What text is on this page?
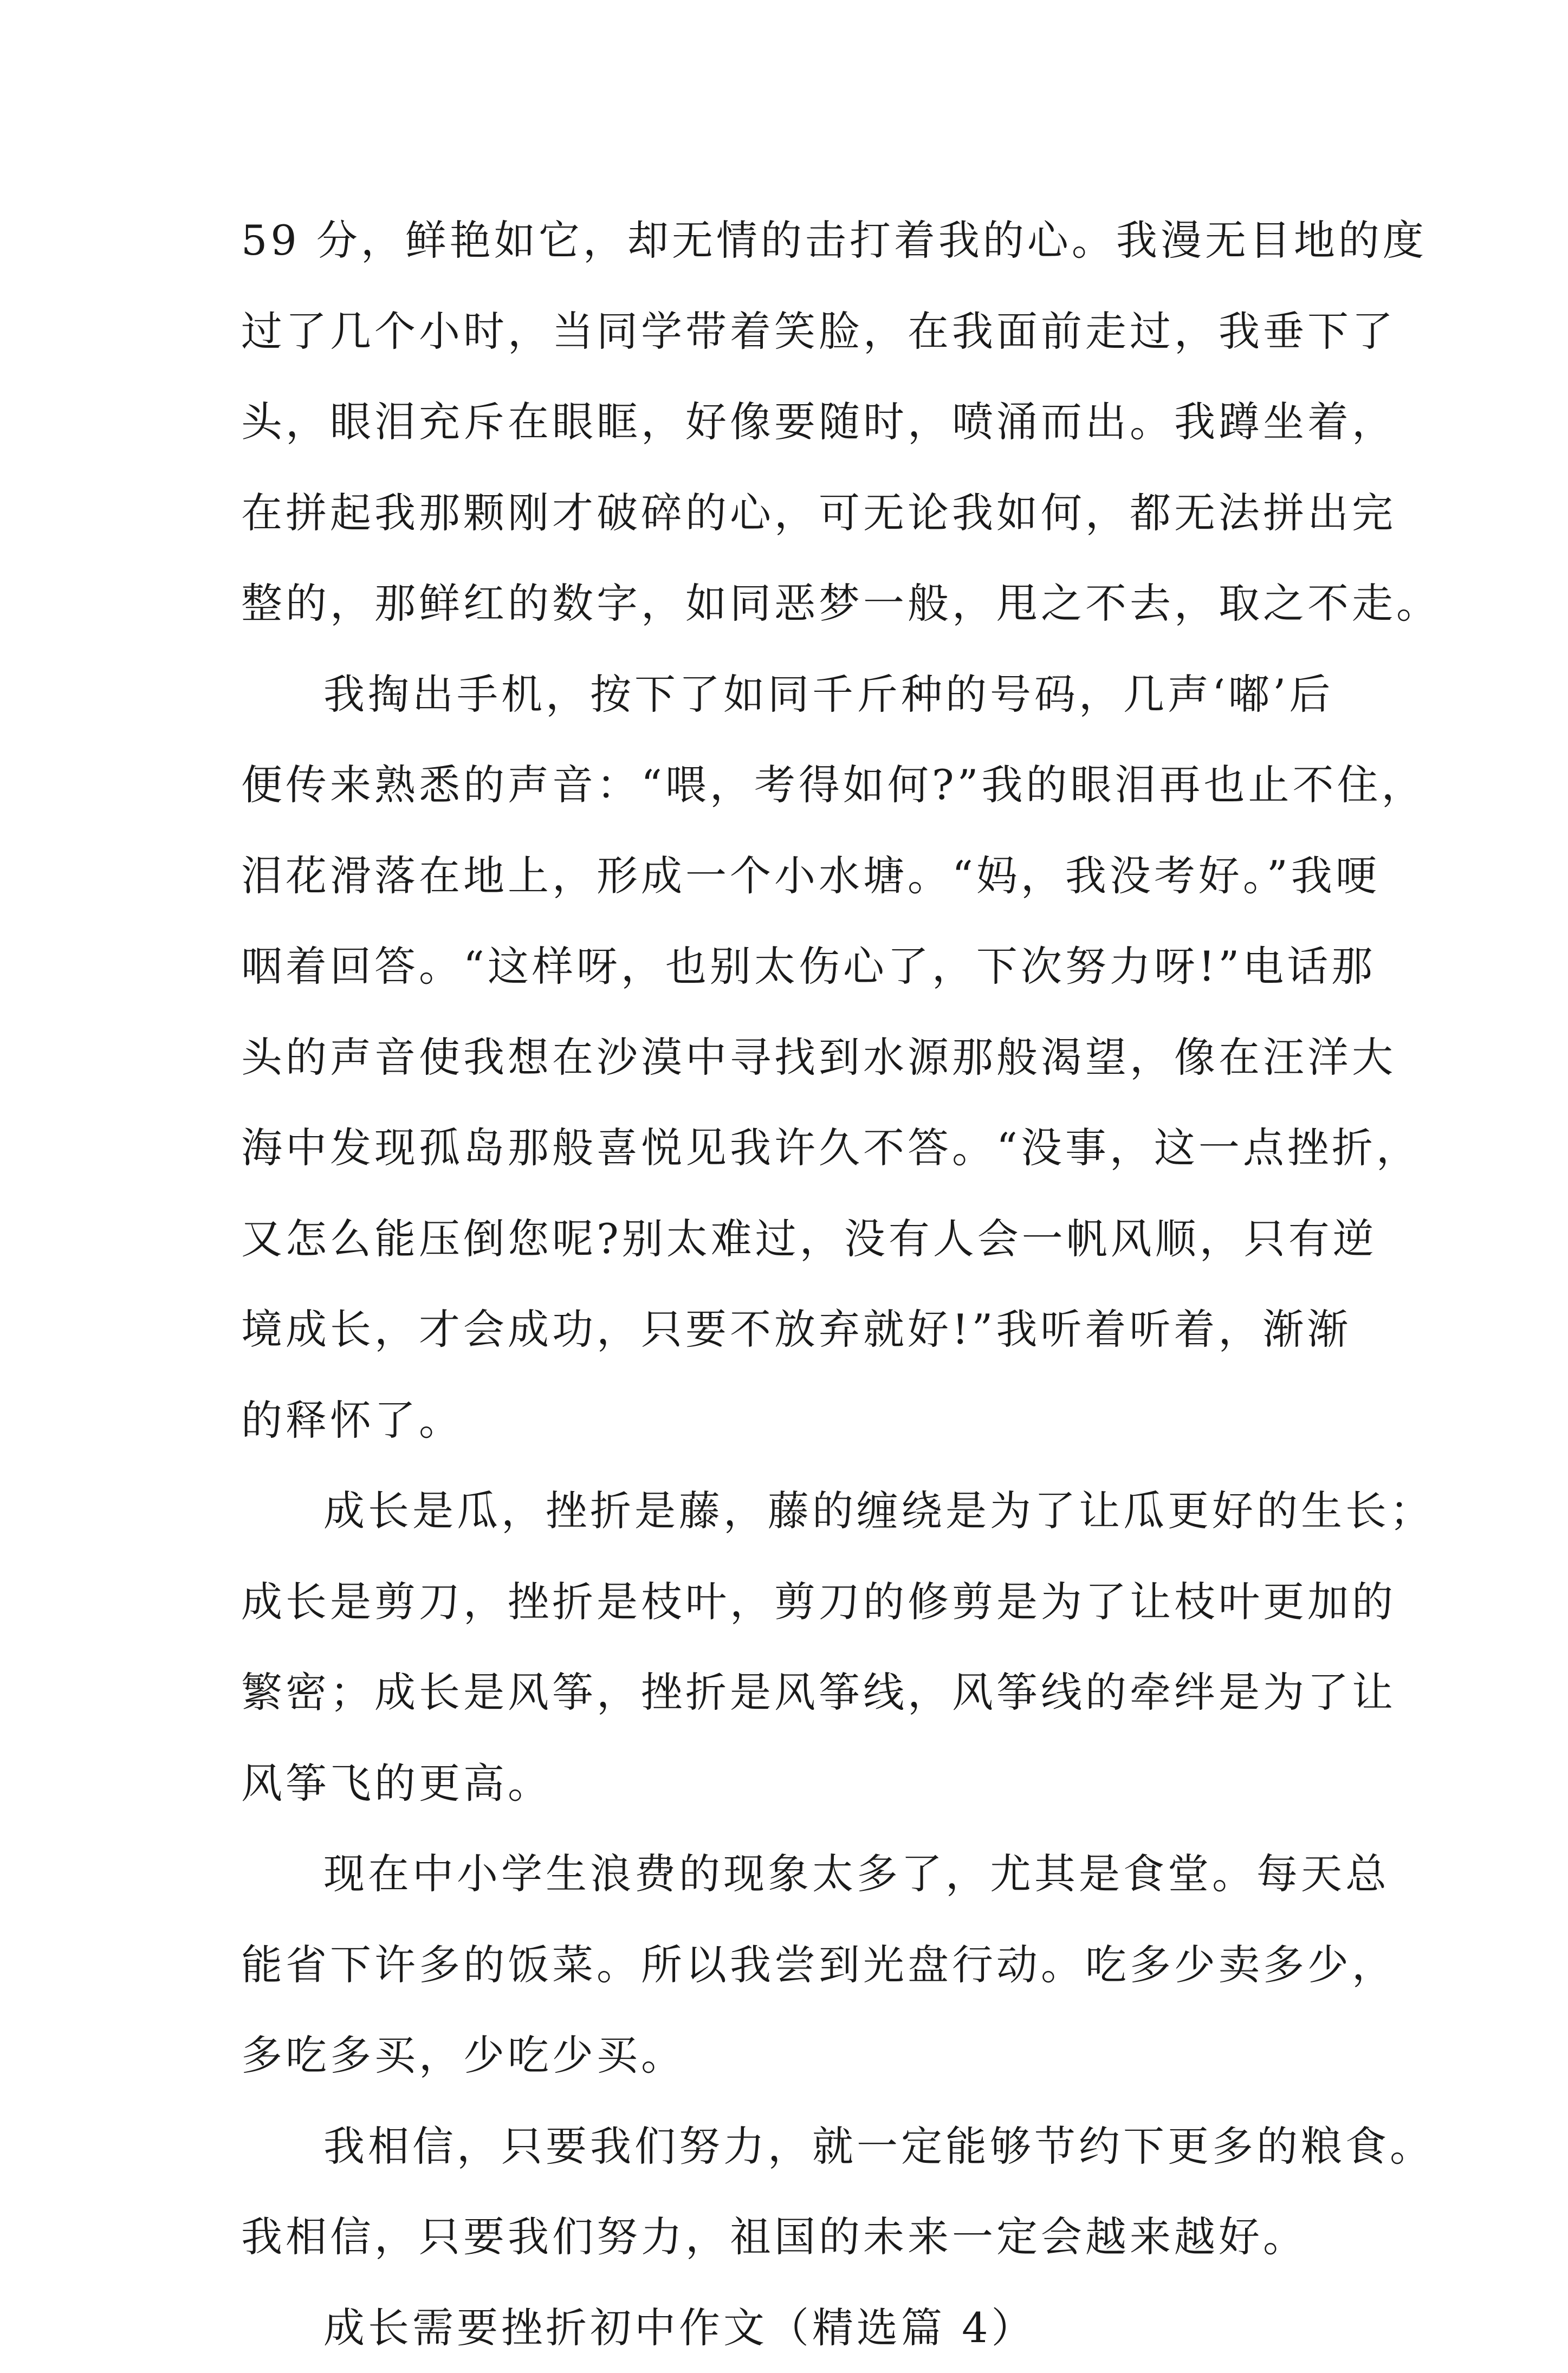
59 分，鲜艳如它，却无情的击打着我的心。我漫无目地的度
过了几个小时，当同学带着笑脸，在我面前走过，我垂下了
头，眼泪充斥在眼眶，好像要随时，喷涌而出。我蹲坐着，
在拼起我那颗刚才破碎的心，可无论我如何，都无法拼出完
整的，那鲜红的数字，如同恶梦一般，甩之不去，取之不走。
我掏出手机，按下了如同千斤种的号码，几声‘嘟’后
便传来熟悉的声音：“喂，考得如何?”我的眼泪再也止不住，
泪花滑落在地上，形成一个小水塘。“妈，我没考好。”我哽
咽着回答。“这样呀，也别太伤心了，下次努力呀!”电话那
头的声音使我想在沙漠中寻找到水源那般渴望，像在汪洋大
海中发现孤岛那般喜悦见我许久不答。“没事，这一点挫折，
又怎么能压倒您呢?别太难过，没有人会一帆风顺，只有逆
境成长，才会成功，只要不放弃就好!”我听着听着，渐渐
的释怀了。
成长是瓜，挫折是藤，藤的缠绕是为了让瓜更好的生长；
成长是剪刀，挫折是枝叶，剪刀的修剪是为了让枝叶更加的
繁密；成长是风筝，挫折是风筝线，风筝线的牵绊是为了让
风筝飞的更高。
现在中小学生浪费的现象太多了，尤其是食堂。每天总
能省下许多的饭菜。所以我尝到光盘行动。吃多少卖多少，
多吃多买，少吃少买。
我相信，只要我们努力，就一定能够节约下更多的粮食。
我相信，只要我们努力，祖国的未来一定会越来越好。
成长需要挫折初中作文（精选篇 4）
